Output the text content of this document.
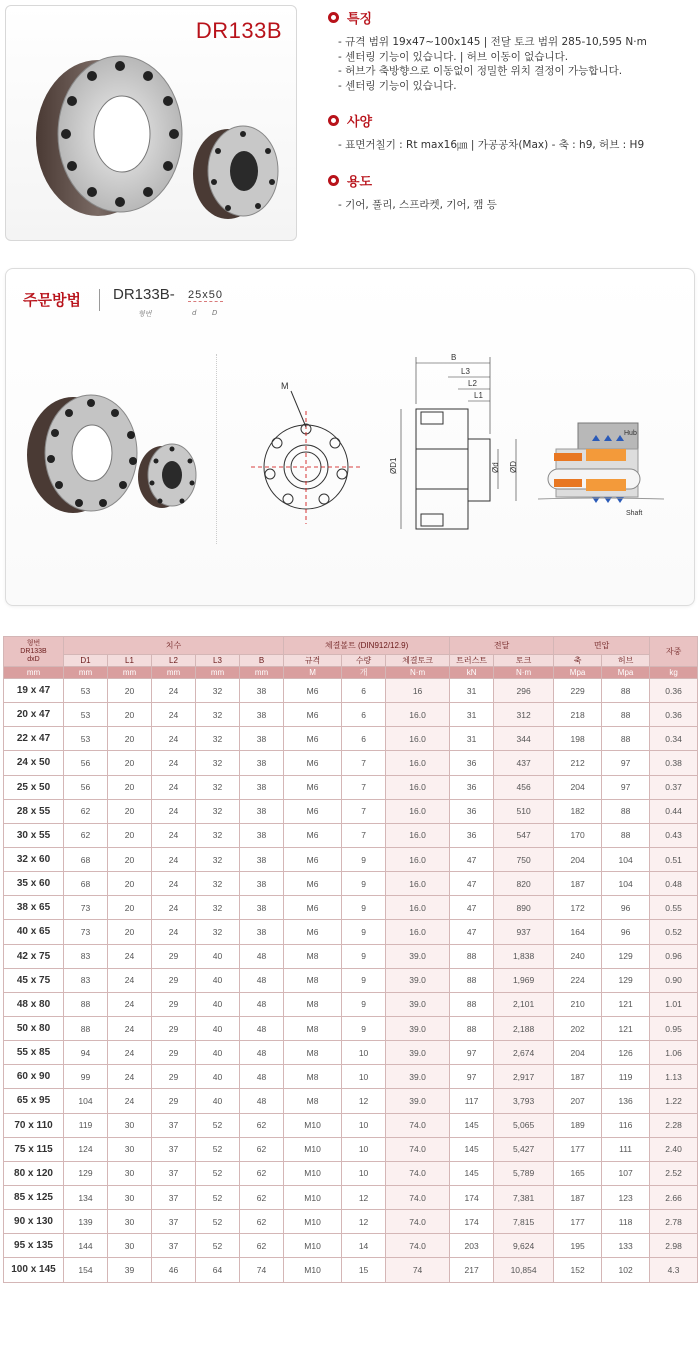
DR133B	특징
- 규격 범위 19x47~100x145 | 전달 토크 범위 285-10,595 N·m
- 센터링 기능이 있습니다. | 허브 이동이 없습니다.
- 허브가 축방향으로 이동없이 정밀한 위치 결정이 가능합니다.
- 센터링 기능이 있습니다.
사양
- 표면거칠기 : Rt max16㎛ | 가공공차(Max) - 축 : h9, 허브 : H9
용도
- 기어, 풀리, 스프라켓, 기어, 캠 등
주문방법 DR133B- 25x50
형번	d D
M
B
L3
L2
L1
ØD1	Ød ØD
Hub
Shaft
형번
DR133B
dxD	치수					체결볼트 (DIN912/12.9)			전달		면압		자중
	D1	L1	L2	L3	B	규격	수량	체결토크	트러스트	토크	축	허브	
mm	mm	mm	mm	mm	mm	M	개	N·m	kN	N·m	Mpa	Mpa	kg
19 x 47	53	20	24	32	38	M6	6	16	31	296	229	88	0.36
20 x 47	53	20	24	32	38	M6	6	16.0	31	312	218	88	0.36
22 x 47	53	20	24	32	38	M6	6	16.0	31	344	198	88	0.34
24 x 50	56	20	24	32	38	M6	7	16.0	36	437	212	97	0.38
25 x 50	56	20	24	32	38	M6	7	16.0	36	456	204	97	0.37
28 x 55	62	20	24	32	38	M6	7	16.0	36	510	182	88	0.44
30 x 55	62	20	24	32	38	M6	7	16.0	36	547	170	88	0.43
32 x 60	68	20	24	32	38	M6	9	16.0	47	750	204	104	0.51
35 x 60	68	20	24	32	38	M6	9	16.0	47	820	187	104	0.48
38 x 65	73	20	24	32	38	M6	9	16.0	47	890	172	96	0.55
40 x 65	73	20	24	32	38	M6	9	16.0	47	937	164	96	0.52
42 x 75	83	24	29	40	48	M8	9	39.0	88	1,838	240	129	0.96
45 x 75	83	24	29	40	48	M8	9	39.0	88	1,969	224	129	0.90
48 x 80	88	24	29	40	48	M8	9	39.0	88	2,101	210	121	1.01
50 x 80	88	24	29	40	48	M8	9	39.0	88	2,188	202	121	0.95
55 x 85	94	24	29	40	48	M8	10	39.0	97	2,674	204	126	1.06
60 x 90	99	24	29	40	48	M8	10	39.0	97	2,917	187	119	1.13
65 x 95	104	24	29	40	48	M8	12	39.0	117	3,793	207	136	1.22
70 x 110	119	30	37	52	62	M10	10	74.0	145	5,065	189	116	2.28
75 x 115	124	30	37	52	62	M10	10	74.0	145	5,427	177	111	2.40
80 x 120	129	30	37	52	62	M10	10	74.0	145	5,789	165	107	2.52
85 x 125	134	30	37	52	62	M10	12	74.0	174	7,381	187	123	2.66
90 x 130	139	30	37	52	62	M10	12	74.0	174	7,815	177	118	2.78
95 x 135	144	30	37	52	62	M10	14	74.0	203	9,624	195	133	2.98
100 x 145	154	39	46	64	74	M10	15	74	217	10,854	152	102	4.3
